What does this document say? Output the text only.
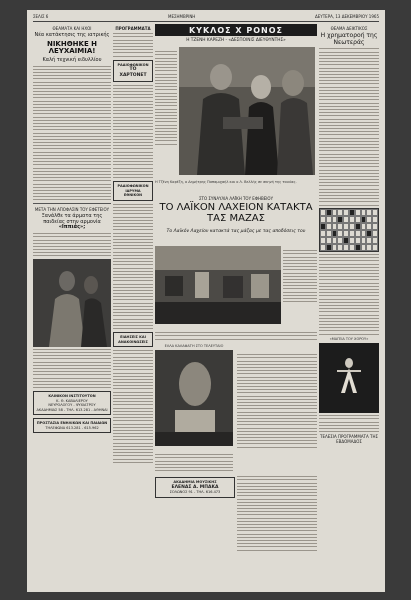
ΣΕΛΙΣ 6	ΜΕΣΗΜΒΡΙΝΗ	ΔΕΥΤΕΡΑ, 13 ΔΕΚΕΜΒΡΙΟΥ 1965
ΘΕΑΜΑΤΑ ΚΑΙ ΗΧΟΙ
Νέα κατάκτησις της ιατρικής
ΝΙΚΗΘΗΚΕ Η ΛΕΥΧΑΙΜΙΑ!
Καλή τεχνική ειδυλλίου
ΜΕΤΑ ΤΗΝ ΑΠΟΦΑΣΙΝ ΤΟΥ ΕΦΕΤΕΙΟΥ
Ξανάλθε τα άρματα της παιδείας στην αρμονία
«Ιππιάς»;
ΚΛΙΝΙΚΟΝ ΙΝΣΤΙΤΟΥΤΟΝ
Κ. Θ. ΚΑΒΑΛΙΕΡΟΥ
ΝΕΥΡΟΛΟΓΟΥ - ΨΥΧΙΑΤΡΟΥ
ΑΚΑΔΗΜΙΑΣ 58 - ΤΗΛ. 613.281 - ΑΘΗΝΑΙ
ΠΡΟΣΤΑΣΙΑ ΕΝΗΛΙΚΩΝ ΚΑΙ ΠΑΙΔΙΩΝ
ΤΗΛΕΦΩΝΑ 613.281 - 615.962
ΠΡΟΓΡΑΜΜΑΤΑ
ΡΑΔΙΟΦΩΝΙΚΟΝ
ΤΟ ΧΑΡΤΟΝΕΤ
ΡΑΔΙΟΦΩΝΙΚΟΝ ΙΔΡΥΜΑ ΕΘΝΙΚΟΝ
ΕΙΔΗΣΕΙΣ ΚΑΙ ΑΝΑΚΟΙΝΩΣΕΙΣ
ΚΥΚΛΟΣ Χ ΡΟΝΟΣ
Η ΤΖΕΝΗ ΚΑΡΕΖΗ - «ΔΕΣΠΟΙΝΙΣ ΔΙΕΥΘΥΝΤΗΣ»
Η Τζένη Καρέζη, ο Δημήτρης Παπαμιχαήλ και ο Λ. Βελλής σε σκηνή της ταινίας.
ΣΤΟ ΣΥΝΑΥΛΙΑ ΛΑΪΚΗ ΤΟΥ ΕΦΗΒΕΙΟΥ
ΤΟ ΛΑΪΚΟΝ ΛΑΧΕΙΟΝ ΚΑΤΑΚΤΑ ΤΑΣ ΜΑΖΑΣ
Το Λαϊκόν Λαχείον κατακτά τας μάζας με τας αποδόσεις του
ΕΛΛΑ ΚΑΛΑΦΑΤΗ ΣΤΟ ΤΕΛΕΥΤΑΙΟ
ΑΚΑΔΗΜΙΑ ΜΟΥΣΙΚΗΣ
ΕΛΕΝΑΣ Α. ΜΠΑΚΑ
ΣΟΛΩΝΟΣ 91 - ΤΗΛ. 616.473
ΘΕΑΜΑ ΔΕΙΚΤΙΚΟΣ
Η χρηματοροή της Νεωτεράς
«ΜΑΓΕΙΑ ΤΟΥ ΧΟΡΟΥ»
ΤΕΛΕΣΙΑ ΠΡΟΓΡΑΜΜΑΤΑ ΤΗΣ ΕΒΔΟΜΑΔΟΣ
